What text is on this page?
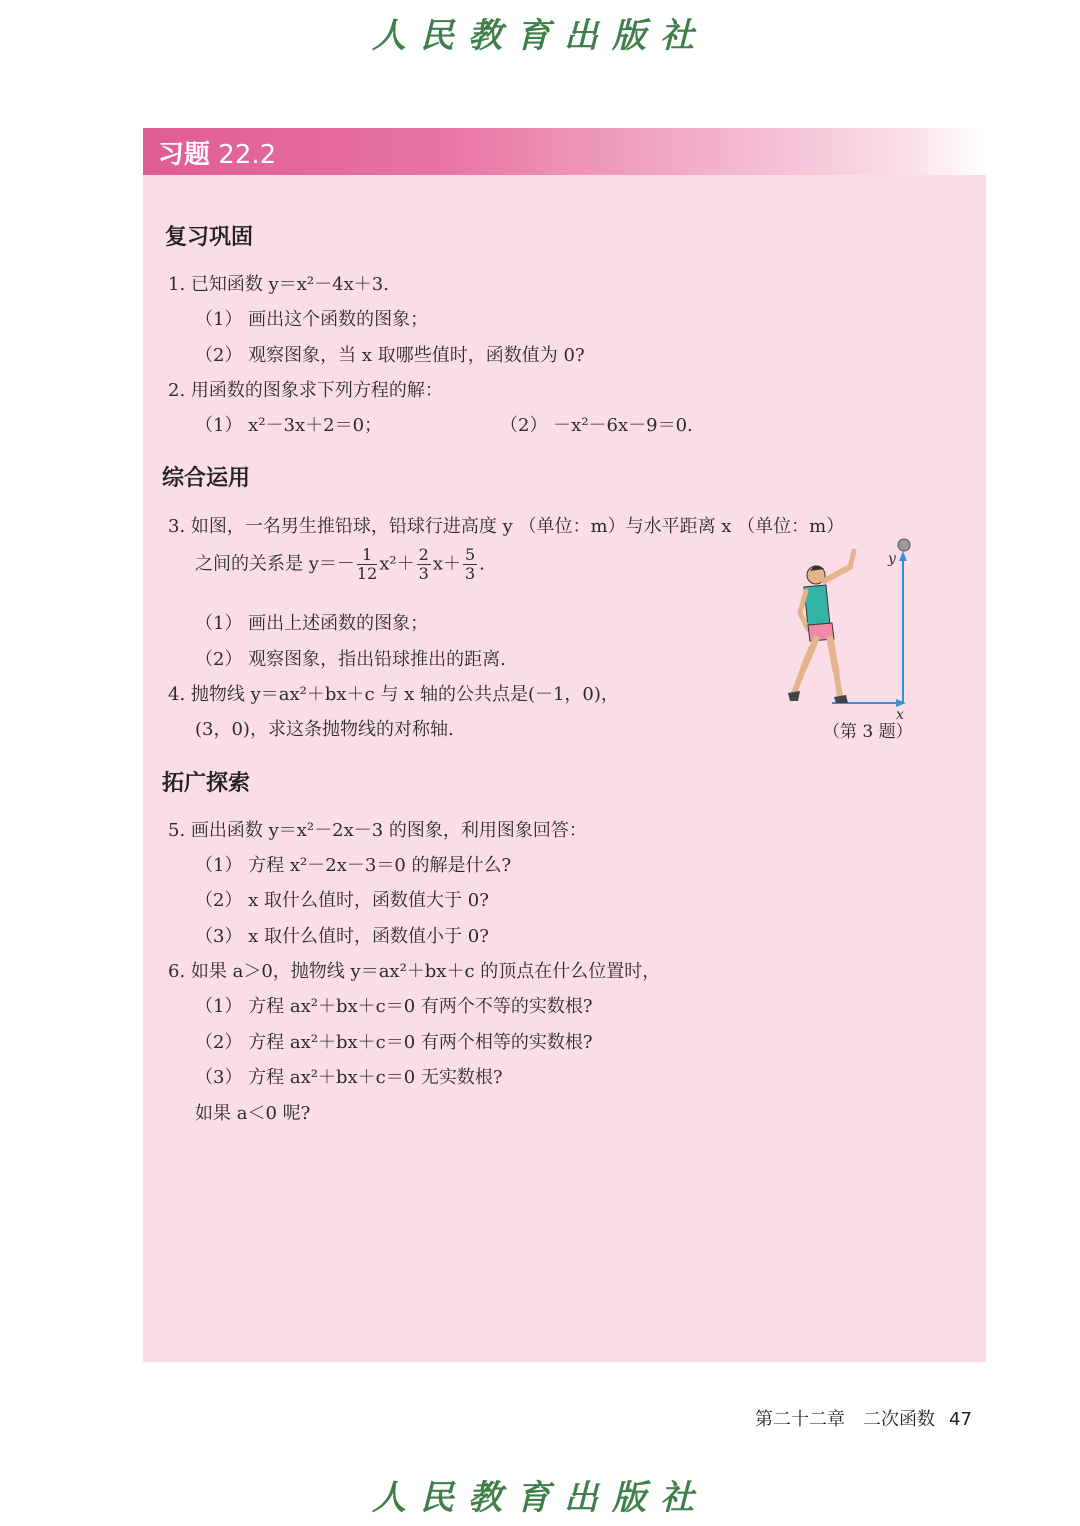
人民教育出版社
习题 22.2
复习巩固
1. 已知函数 y＝x²－4x＋3.
（1） 画出这个函数的图象；
（2） 观察图象，当 x 取哪些值时，函数值为 0?
2. 用函数的图象求下列方程的解：
（1） x²－3x＋2＝0；	（2） －x²－6x－9＝0.
综合运用
3. 如图，一名男生推铅球，铅球行进高度 y （单位：m）与水平距离 x （单位：m）
之间的关系是 $y=- \frac{1}{12} x^2+ \frac{2}{3} x+ \frac{5}{3}$ .
（1） 画出上述函数的图象；
（2） 观察图象，指出铅球推出的距离.
4. 抛物线 y＝ax²＋bx＋c 与 x 轴的公共点是(－1，0)，
(3，0)，求这条抛物线的对称轴.
y
x
（第 3 题）
拓广探索
5. 画出函数 y＝x²－2x－3 的图象，利用图象回答：
（1） 方程 x²－2x－3＝0 的解是什么?
（2） x 取什么值时，函数值大于 0?
（3） x 取什么值时，函数值小于 0?
6. 如果 a＞0，抛物线 y＝ax²＋bx＋c 的顶点在什么位置时，
（1） 方程 ax²＋bx＋c＝0 有两个不等的实数根?
（2） 方程 ax²＋bx＋c＝0 有两个相等的实数根?
（3） 方程 ax²＋bx＋c＝0 无实数根?
如果 a＜0 呢?
第二十二章　二次函数 47
人民教育出版社
